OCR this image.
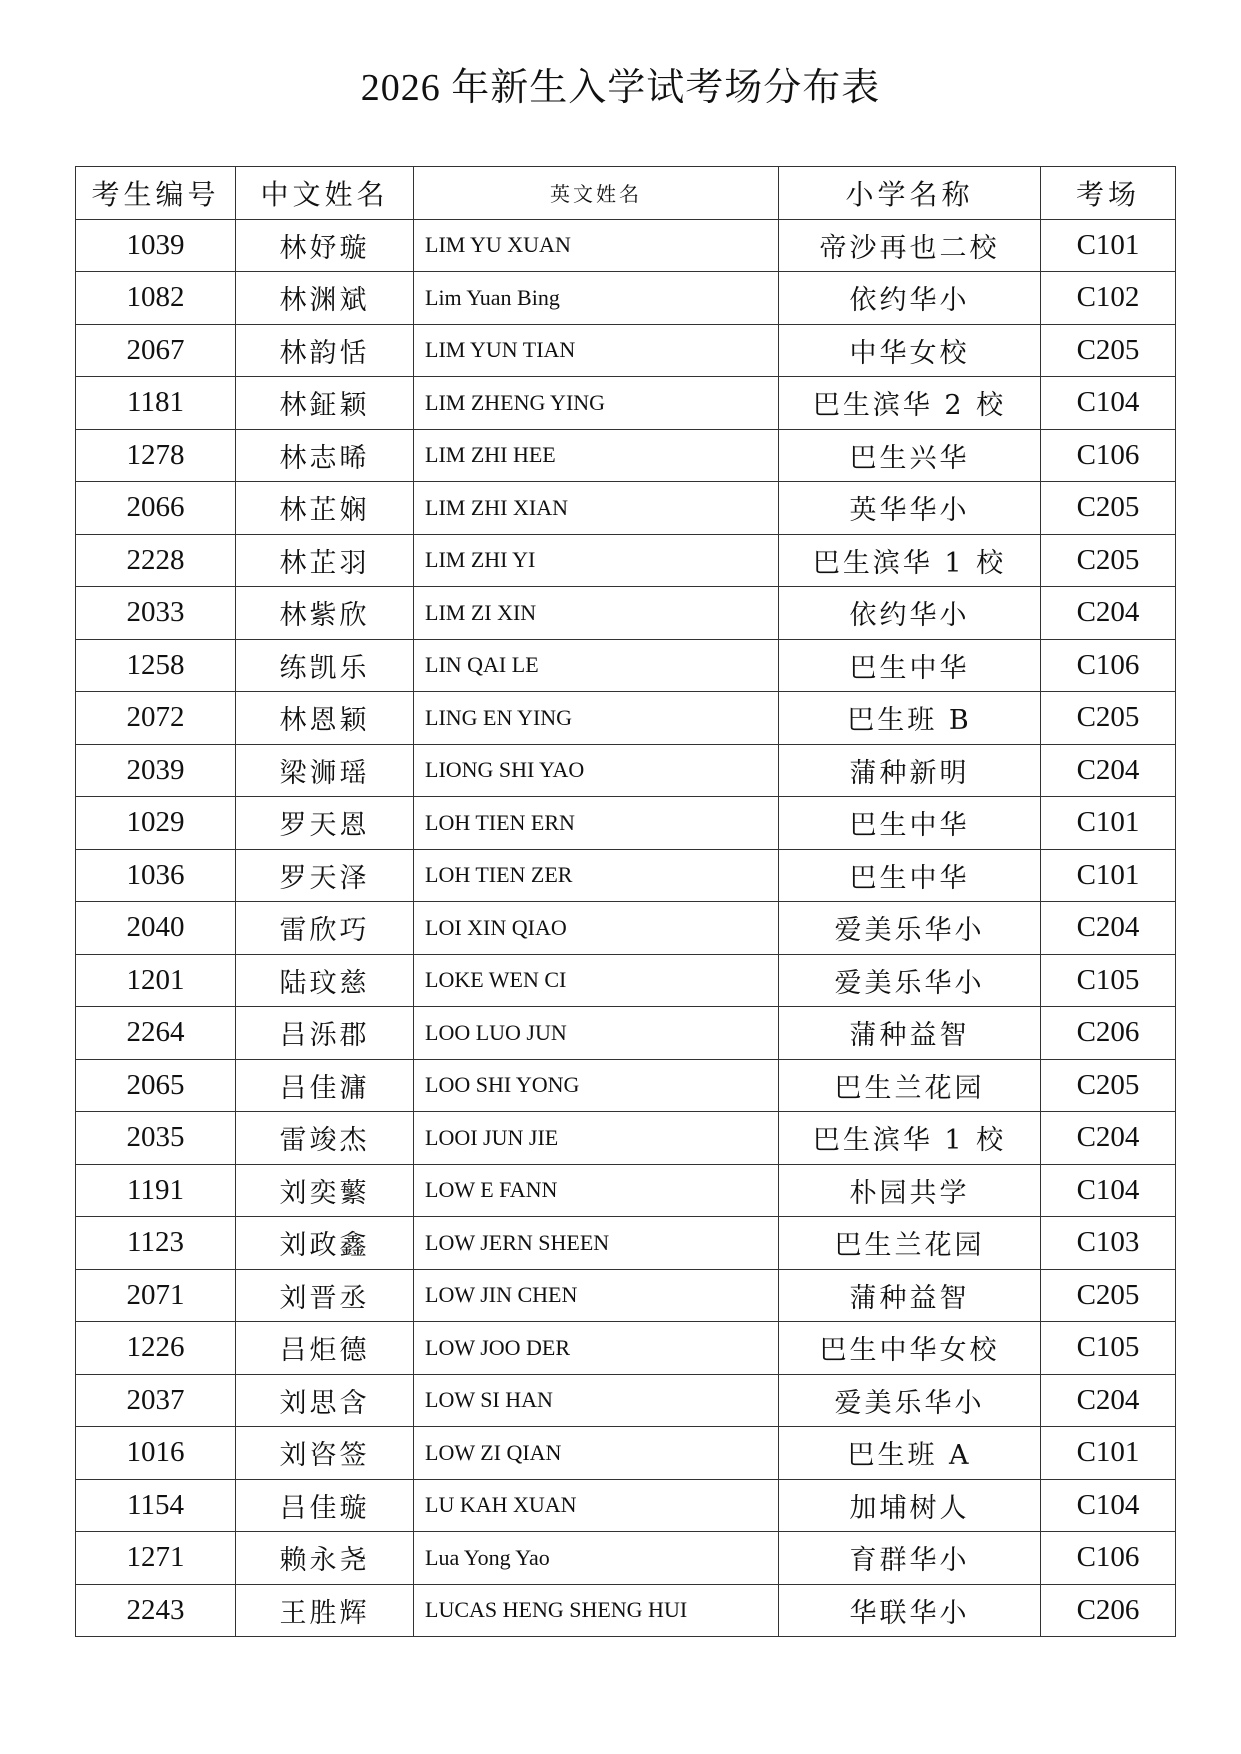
2026 年新生入学试考场分布表
考生编号	中文姓名	英文姓名	小学名称	考场
1039	林妤璇	LIM YU XUAN	帝沙再也二校	C101
1082	林渊斌	Lim Yuan Bing	依约华小	C102
2067	林韵恬	LIM YUN TIAN	中华女校	C205
1181	林鉦颖	LIM ZHENG YING	巴生滨华 2 校	C104
1278	林志晞	LIM ZHI HEE	巴生兴华	C106
2066	林芷娴	LIM ZHI XIAN	英华华小	C205
2228	林芷羽	LIM ZHI YI	巴生滨华 1 校	C205
2033	林紫欣	LIM ZI XIN	依约华小	C204
1258	练凯乐	LIN QAI LE	巴生中华	C106
2072	林恩颖	LING EN YING	巴生班 B	C205
2039	梁浉瑶	LIONG SHI YAO	蒲种新明	C204
1029	罗天恩	LOH TIEN ERN	巴生中华	C101
1036	罗天泽	LOH TIEN ZER	巴生中华	C101
2040	雷欣巧	LOI XIN QIAO	爱美乐华小	C204
1201	陆玟慈	LOKE WEN CI	爱美乐华小	C105
2264	吕泺郡	LOO LUO JUN	蒲种益智	C206
2065	吕佳滽	LOO SHI YONG	巴生兰花园	C205
2035	雷竣杰	LOOI JUN JIE	巴生滨华 1 校	C204
1191	刘奕蘩	LOW E FANN	朴园共学	C104
1123	刘政鑫	LOW JERN SHEEN	巴生兰花园	C103
2071	刘晋丞	LOW JIN CHEN	蒲种益智	C205
1226	吕炬德	LOW JOO DER	巴生中华女校	C105
2037	刘思含	LOW SI HAN	爱美乐华小	C204
1016	刘咨签	LOW ZI QIAN	巴生班 A	C101
1154	吕佳璇	LU KAH XUAN	加埔树人	C104
1271	赖永尧	Lua Yong Yao	育群华小	C106
2243	王胜辉	LUCAS HENG SHENG HUI	华联华小	C206
